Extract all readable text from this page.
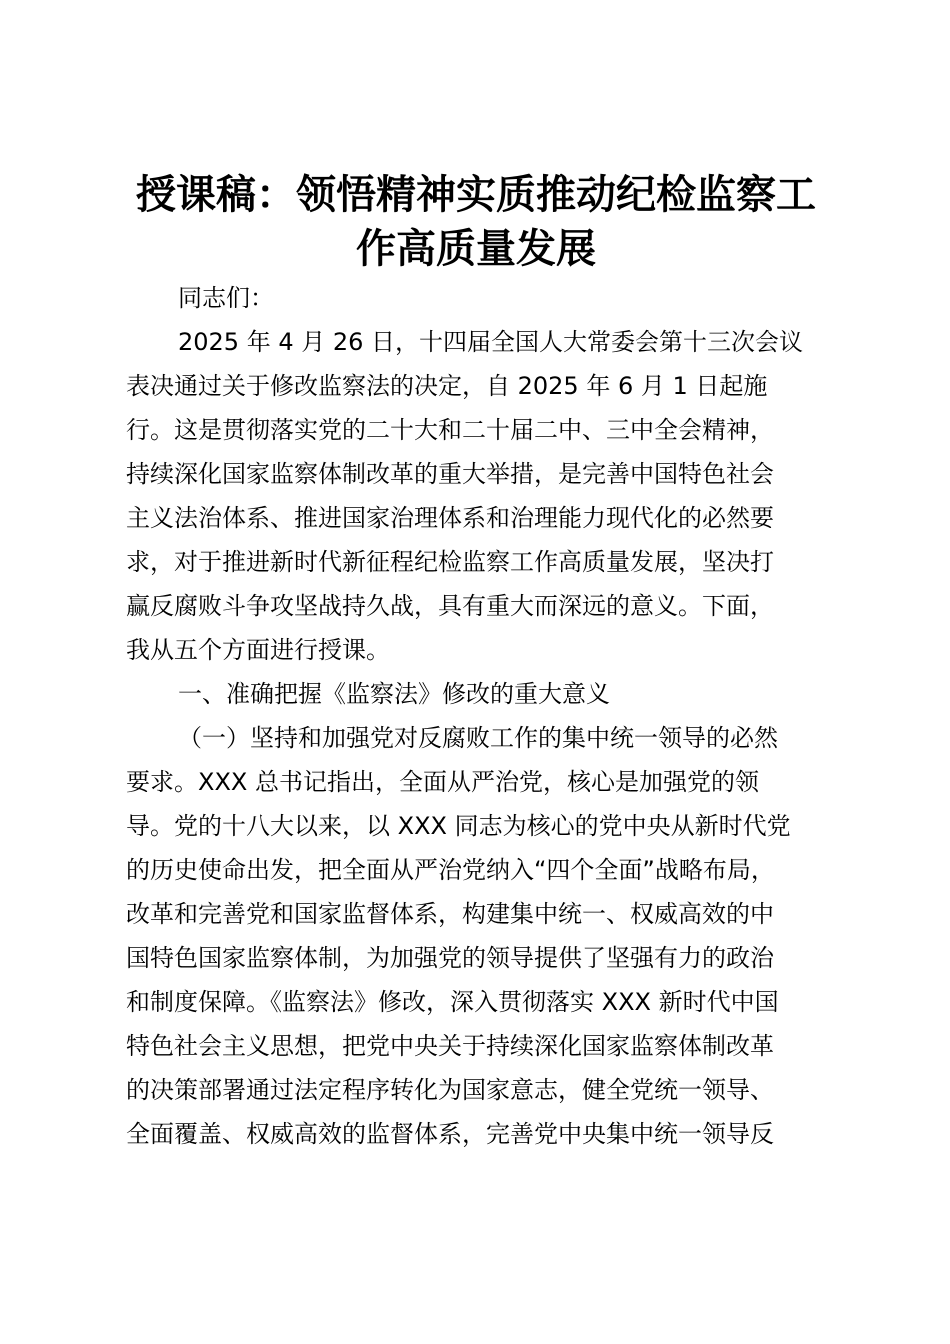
授课稿：领悟精神实质推动纪检监察工
作高质量发展
同志们：
2025 年 4 月 26 日，十四届全国人大常委会第十三次会议
表决通过关于修改监察法的决定，自 2025 年 6 月 1 日起施
行。这是贯彻落实党的二十大和二十届二中、三中全会精神，
持续深化国家监察体制改革的重大举措，是完善中国特色社会
主义法治体系、推进国家治理体系和治理能力现代化的必然要
求，对于推进新时代新征程纪检监察工作高质量发展，坚决打
赢反腐败斗争攻坚战持久战，具有重大而深远的意义。下面，
我从五个方面进行授课。
一、准确把握《监察法》修改的重大意义
（一）坚持和加强党对反腐败工作的集中统一领导的必然
要求。XXX 总书记指出，全面从严治党，核心是加强党的领
导。党的十八大以来，以 XXX 同志为核心的党中央从新时代党
的历史使命出发，把全面从严治党纳入“四个全面”战略布局，
改革和完善党和国家监督体系，构建集中统一、权威高效的中
国特色国家监察体制，为加强党的领导提供了坚强有力的政治
和制度保障。《监察法》修改，深入贯彻落实 XXX 新时代中国
特色社会主义思想，把党中央关于持续深化国家监察体制改革
的决策部署通过法定程序转化为国家意志，健全党统一领导、
全面覆盖、权威高效的监督体系，完善党中央集中统一领导反
